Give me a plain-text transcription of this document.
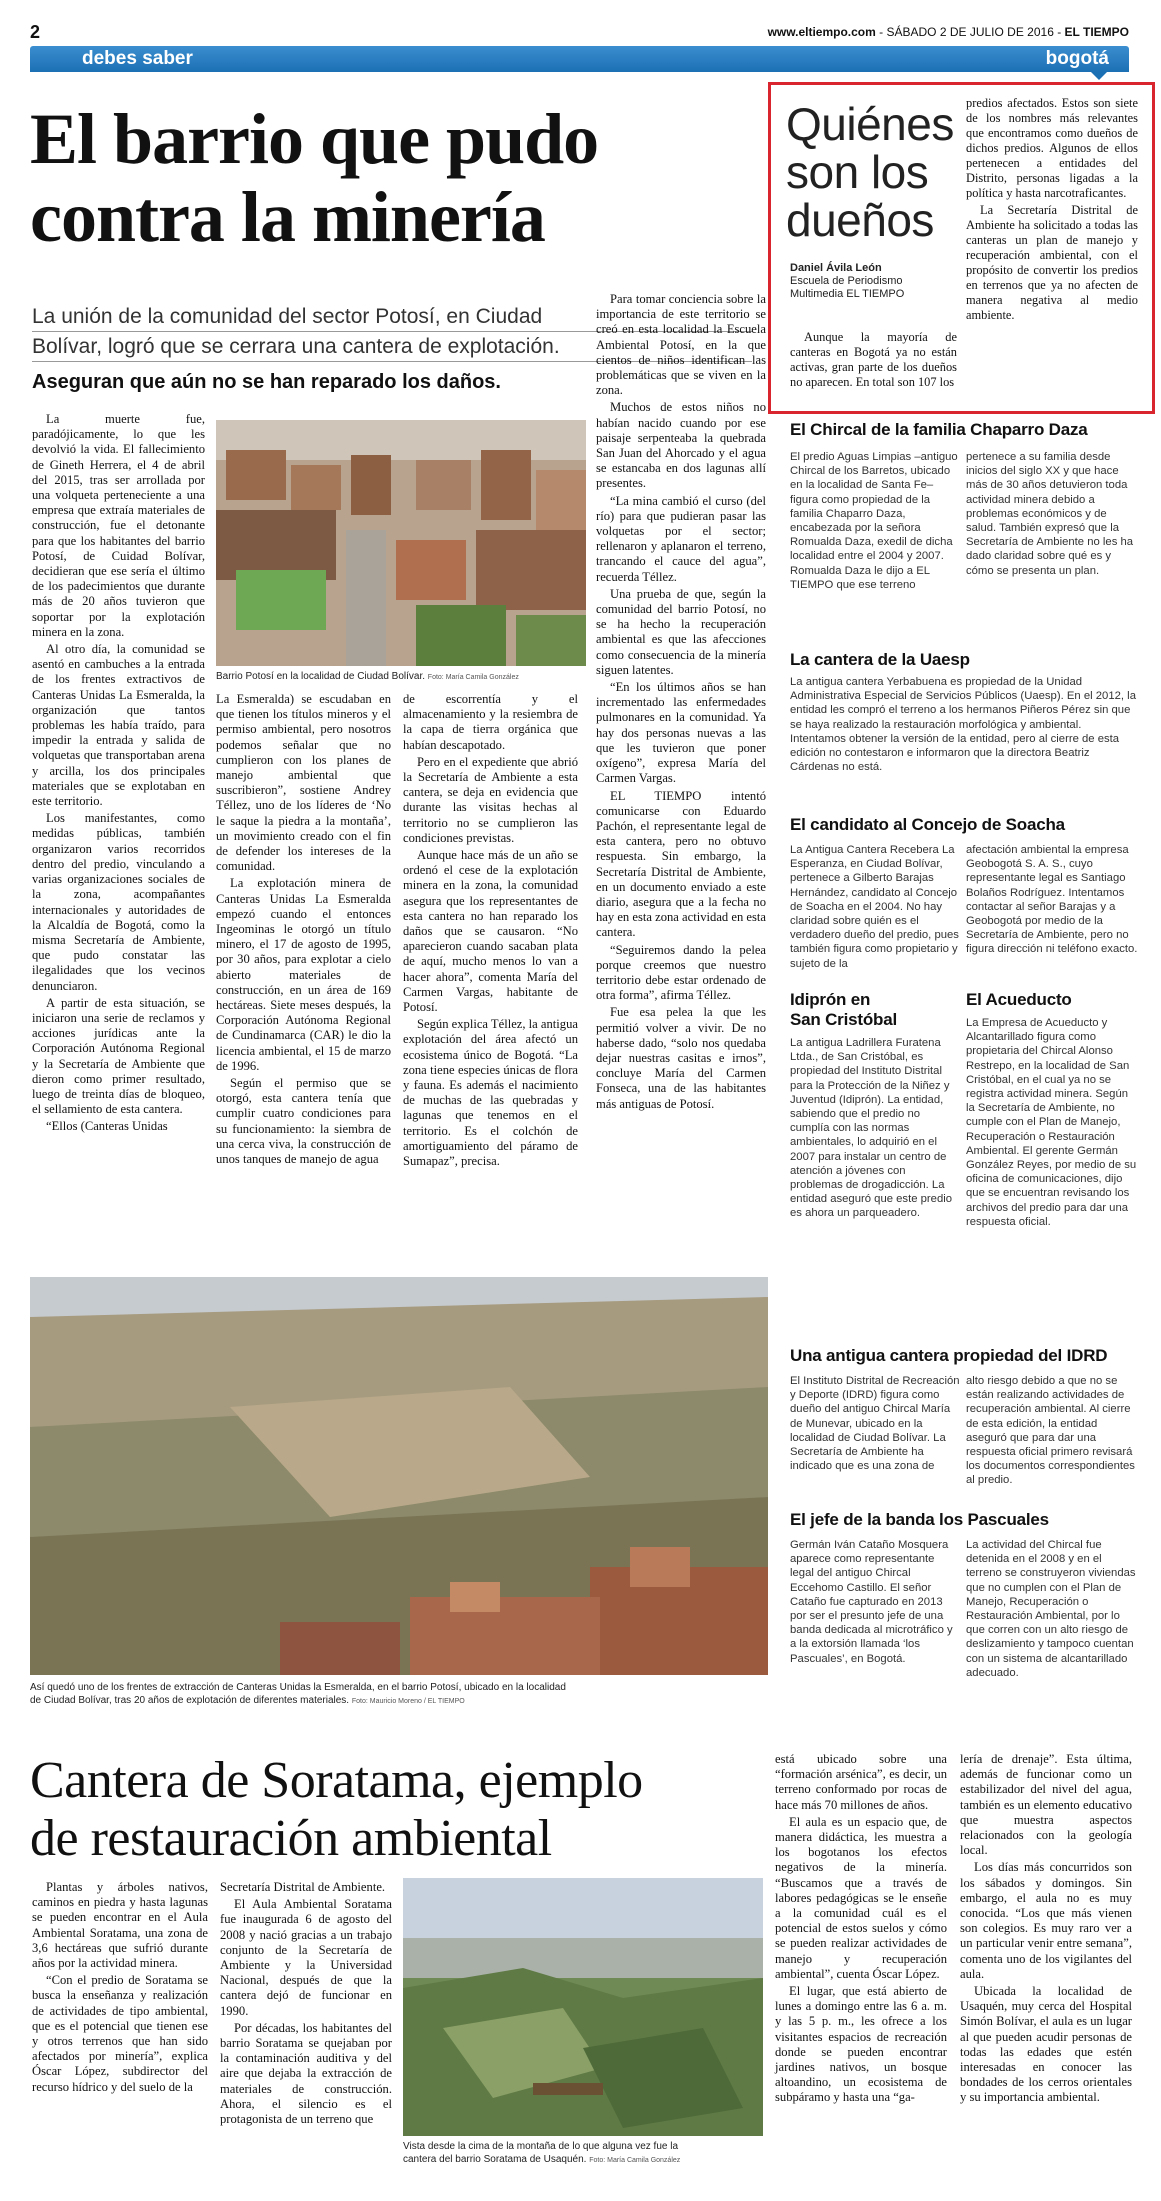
2	www.eltiempo.com - SÁBADO 2 DE JULIO DE 2016 - EL TIEMPO
debes saber	bogotá
El barrio que pudo
contra la minería
La unión de la comunidad del sector Potosí, en Ciudad
Bolívar, logró que se cerrara una cantera de explotación.
Aseguran que aún no se han reparado los daños.

La muerte fue, paradójicamente, lo que les devolvió la vida. El fallecimiento de Gineth Herrera, el 4 de abril del 2015, tras ser arrollada por una volqueta perteneciente a una empresa que extraía materiales de construcción, fue el detonante para que los habitantes del barrio Potosí, de Cuidad Bolívar, decidieran que ese sería el último de los padecimientos que durante más de 20 años tuvieron que soportar por la explotación minera en la zona.

Al otro día, la comunidad se asentó en cambuches a la entrada de los frentes extractivos de Canteras Unidas La Esmeralda, la organización que tantos problemas les había traído, para impedir la entrada y salida de volquetas que transportaban arena y arcilla, los dos principales materiales que se explotaban en este territorio.

Los manifestantes, como medidas públicas, también organizaron varios recorridos dentro del predio, vinculando a varias organizaciones sociales de la zona, acompañantes internacionales y autoridades de la Alcaldía de Bogotá, como la misma Secretaría de Ambiente, que pudo constatar las ilegalidades que los vecinos denunciaron.

A partir de esta situación, se iniciaron una serie de reclamos y acciones jurídicas ante la Corporación Autónoma Regional y la Secretaría de Ambiente que dieron como primer resultado, luego de treinta días de bloqueo, el sellamiento de esta cantera.

“Ellos (Canteras Unidas

Barrio Potosí en la localidad de Ciudad Bolívar. Foto: María Camila González

La Esmeralda) se escudaban en que tienen los títulos mineros y el permiso ambiental, pero nosotros podemos señalar que no cumplieron con los planes de manejo ambiental que suscribieron”, sostiene Andrey Téllez, uno de los líderes de ‘No le saque la piedra a la montaña’, un movimiento creado con el fin de defender los intereses de la comunidad.

La explotación minera de Canteras Unidas La Esmeralda empezó cuando el entonces Ingeominas le otorgó un título minero, el 17 de agosto de 1995, por 30 años, para explotar a cielo abierto materiales de construcción, en un área de 169 hectáreas. Siete meses después, la Corporación Autónoma Regional de Cundinamarca (CAR) le dio la licencia ambiental, el 15 de marzo de 1996.

Según el permiso que se otorgó, esta cantera tenía que cumplir cuatro condiciones para su funcionamiento: la siembra de una cerca viva, la construcción de unos tanques de manejo de agua

de escorrentía y el almacenamiento y la resiembra de la capa de tierra orgánica que habían descapotado.

Pero en el expediente que abrió la Secretaría de Ambiente a esta cantera, se deja en evidencia que durante las visitas hechas al territorio no se cumplieron las condiciones previstas.

Aunque hace más de un año se ordenó el cese de la explotación minera en la zona, la comunidad asegura que los representantes de esta cantera no han reparado los daños que se causaron. “No aparecieron cuando sacaban plata de aquí, mucho menos lo van a hacer ahora”, comenta María del Carmen Vargas, habitante de Potosí.

Según explica Téllez, la antigua explotación del área afectó un ecosistema único de Bogotá. “La zona tiene especies únicas de flora y fauna. Es además el nacimiento de muchas de las quebradas y lagunas que tenemos en el territorio. Es el colchón de amortiguamiento del páramo de Sumapaz”, precisa.

Para tomar conciencia sobre la importancia de este territorio se creó en esta localidad la Escuela Ambiental Potosí, en la que cientos de niños identifican las problemáticas que se viven en la zona.

Muchos de estos niños no habían nacido cuando por ese paisaje serpenteaba la quebrada San Juan del Ahorcado y el agua se estancaba en dos lagunas allí presentes.

“La mina cambió el curso (del río) para que pudieran pasar las volquetas por el sector; rellenaron y aplanaron el terreno, trancando el cauce del agua”, recuerda Téllez.

Una prueba de que, según la comunidad del barrio Potosí, no se ha hecho la recuperación ambiental es que las afecciones como consecuencia de la minería siguen latentes.

“En los últimos años se han incrementado las enfermedades pulmonares en la comunidad. Ya hay dos personas nuevas a las que les tuvieron que poner oxígeno”, expresa María del Carmen Vargas.

EL TIEMPO intentó comunicarse con Eduardo Pachón, el representante legal de esta cantera, pero no obtuvo respuesta. Sin embargo, la Secretaría Distrital de Ambiente, en un documento enviado a este diario, asegura que a la fecha no hay en esta zona actividad en esta cantera.

“Seguiremos dando la pelea porque creemos que nuestro territorio debe estar ordenado de otra forma”, afirma Téllez.

Fue esa pelea la que les permitió volver a vivir. De no haberse dado, “solo nos quedaba dejar nuestras casitas e irnos”, concluye María del Carmen Fonseca, una de las habitantes más antiguas de Potosí.

Así quedó uno de los frentes de extracción de Canteras Unidas la Esmeralda, en el barrio Potosí, ubicado en la localidad
de Ciudad Bolívar, tras 20 años de explotación de diferentes materiales. Foto: Mauricio Moreno / EL TIEMPO
Quiénes
son los
dueños
Daniel Ávila León
Escuela de Periodismo
Multimedia EL TIEMPO
Aunque la mayoría de canteras en Bogotá ya no están activas, gran parte de los dueños no aparecen. En total son 107 los

predios afectados. Estos son siete de los nombres más relevantes que encontramos como dueños de dichos predios. Algunos de ellos pertenecen a entidades del Distrito, personas ligadas a la política y hasta narcotraficantes.

La Secretaría Distrital de Ambiente ha solicitado a todas las canteras un plan de manejo y recuperación ambiental, con el propósito de convertir los predios en terrenos que ya no afecten de manera negativa al medio ambiente.

El Chircal de la familia Chaparro Daza
El predio Aguas Limpias –antiguo Chircal de los Barretos, ubicado en la localidad de Santa Fe– figura como propiedad de la familia Chaparro Daza, encabezada por la señora Romualda Daza, exedil de dicha localidad entre el 2004 y 2007. Romualda Daza le dijo a EL TIEMPO que ese terreno
pertenece a su familia desde inicios del siglo XX y que hace más de 30 años detuvieron toda actividad minera debido a problemas económicos y de salud. También expresó que la Secretaría de Ambiente no les ha dado claridad sobre qué es y cómo se presenta un plan.
La cantera de la Uaesp
La antigua cantera Yerbabuena es propiedad de la Unidad Administrativa Especial de Servicios Públicos (Uaesp). En el 2012, la entidad les compró el terreno a los hermanos Piñeros Pérez sin que se haya realizado la restauración morfológica y ambiental. Intentamos obtener la versión de la entidad, pero al cierre de esta edición no contestaron e informaron que la directora Beatriz Cárdenas no está.
El candidato al Concejo de Soacha
La Antigua Cantera Recebera La Esperanza, en Ciudad Bolívar, pertenece a Gilberto Barajas Hernández, candidato al Concejo de Soacha en el 2004. No hay claridad sobre quién es el verdadero dueño del predio, pues también figura como propietario y sujeto de la
afectación ambiental la empresa Geobogotá S. A. S., cuyo representante legal es Santiago Bolaños Rodríguez. Intentamos contactar al señor Barajas y a Geobogotá por medio de la Secretaría de Ambiente, pero no figura dirección ni teléfono exacto.
Idiprón en
San Cristóbal
La antigua Ladrillera Furatena Ltda., de San Cristóbal, es propiedad del Instituto Distrital para la Protección de la Niñez y Juventud (Idiprón). La entidad, sabiendo que el predio no cumplía con las normas ambientales, lo adquirió en el 2007 para instalar un centro de atención a jóvenes con problemas de drogadicción. La entidad aseguró que este predio es ahora un parqueadero.
El Acueducto
La Empresa de Acueducto y Alcantarillado figura como propietaria del Chircal Alonso Restrepo, en la localidad de San Cristóbal, en el cual ya no se registra actividad minera. Según la Secretaría de Ambiente, no cumple con el Plan de Manejo, Recuperación o Restauración Ambiental. El gerente Germán González Reyes, por medio de su oficina de comunicaciones, dijo que se encuentran revisando los archivos del predio para dar una respuesta oficial.
Una antigua cantera propiedad del IDRD
El Instituto Distrital de Recreación y Deporte (IDRD) figura como dueño del antiguo Chircal María de Munevar, ubicado en la localidad de Ciudad Bolívar. La Secretaría de Ambiente ha indicado que es una zona de
alto riesgo debido a que no se están realizando actividades de recuperación ambiental. Al cierre de esta edición, la entidad aseguró que para dar una respuesta oficial primero revisará los documentos correspondientes al predio.
El jefe de la banda los Pascuales
Germán Iván Cataño Mosquera aparece como representante legal del antiguo Chircal Eccehomo Castillo. El señor Cataño fue capturado en 2013 por ser el presunto jefe de una banda dedicada al microtráfico y a la extorsión llamada ‘los Pascuales’, en Bogotá.
La actividad del Chircal fue detenida en el 2008 y en el terreno se construyeron viviendas que no cumplen con el Plan de Manejo, Recuperación o Restauración Ambiental, por lo que corren con un alto riesgo de deslizamiento y tampoco cuentan con un sistema de alcantarillado adecuado.
Cantera de Soratama, ejemplo
de restauración ambiental

Plantas y árboles nativos, caminos en piedra y hasta lagunas se pueden encontrar en el Aula Ambiental Soratama, una zona de 3,6 hectáreas que sufrió durante años por la actividad minera.

“Con el predio de Soratama se busca la enseñanza y realización de actividades de tipo ambiental, que es el potencial que tienen ese y otros terrenos que han sido afectados por minería”, explica Óscar López, subdirector del recurso hídrico y del suelo de la

Secretaría Distrital de Ambiente.

El Aula Ambiental Soratama fue inaugurada 6 de agosto del 2008 y nació gracias a un trabajo conjunto de la Secretaría de Ambiente y la Universidad Nacional, después de que la cantera dejó de funcionar en 1990.

Por décadas, los habitantes del barrio Soratama se quejaban por la contaminación auditiva y del aire que dejaba la extracción de materiales de construcción. Ahora, el silencio es el protagonista de un terreno que

Vista desde la cima de la montaña de lo que alguna vez fue la
cantera del barrio Soratama de Usaquén. Foto: María Camila González

está ubicado sobre una “formación arsénica”, es decir, un terreno conformado por rocas de hace más 70 millones de años.

El aula es un espacio que, de manera didáctica, les muestra a los bogotanos los efectos negativos de la minería. “Buscamos que a través de labores pedagógicas se le enseñe a la comunidad cuál es el potencial de estos suelos y cómo se pueden realizar actividades de manejo y recuperación ambiental”, cuenta Óscar López.

El lugar, que está abierto de lunes a domingo entre las 6 a. m. y las 5 p. m., les ofrece a los visitantes espacios de recreación donde se pueden encontrar jardines nativos, un bosque altoandino, un ecosistema de subpáramo y hasta una “ga-

lería de drenaje”. Esta última, además de funcionar como un estabilizador del nivel del agua, también es un elemento educativo que muestra aspectos relacionados con la geología local.

Los días más concurridos son los sábados y domingos. Sin embargo, el aula no es muy conocida. “Los que más vienen son colegios. Es muy raro ver a un particular venir entre semana”, comenta uno de los vigilantes del aula.

Ubicada la localidad de Usaquén, muy cerca del Hospital Simón Bolívar, el aula es un lugar al que pueden acudir personas de todas las edades que estén interesadas en conocer las bondades de los cerros orientales y su importancia ambiental.
